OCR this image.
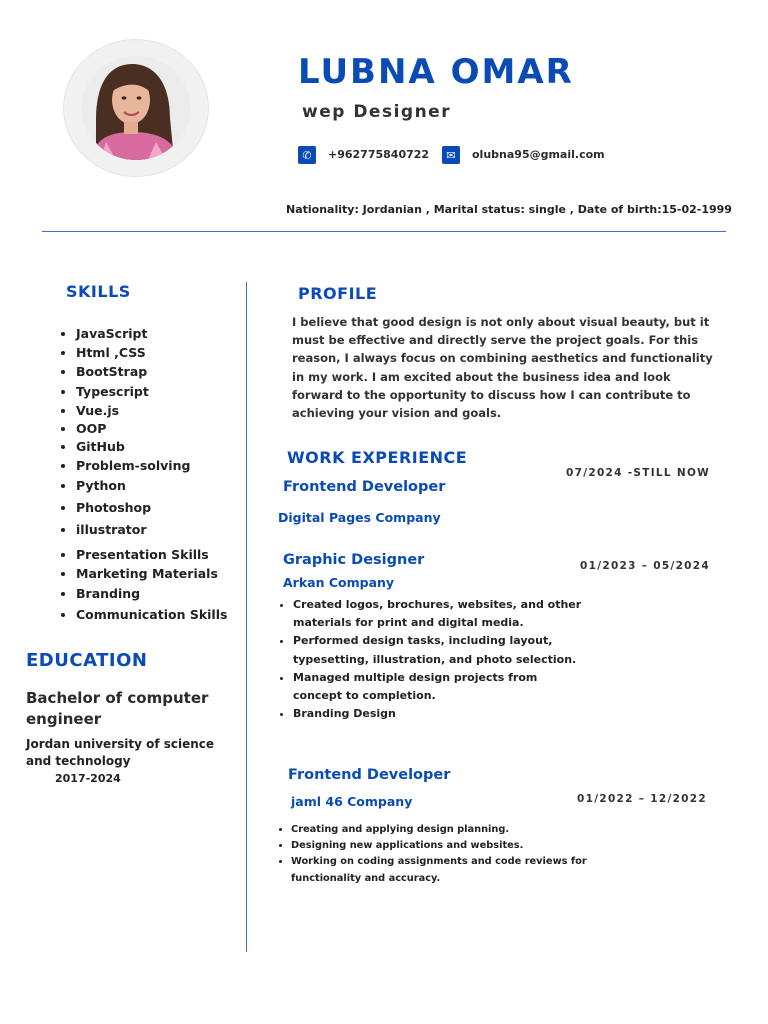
LUBNA OMAR
wep Designer
✆	+962775840722	✉	olubna95@gmail.com
Nationality: Jordanian , Marital status: single , Date of birth:15-02-1999
SKILLS
• JavaScript
• Html ,CSS
• BootStrap
• Typescript
• Vue.js
• OOP
• GitHub
• Problem-solving
• Python
• Photoshop
• illustrator
• Presentation Skills
• Marketing Materials
• Branding
• Communication Skills
EDUCATION
Bachelor of computer engineer
Jordan university of science and technology
2017-2024
PROFILE
I believe that good design is not only about visual beauty, but it must be effective and directly serve the project goals. For this reason, I always focus on combining aesthetics and functionality in my work. I am excited about the business idea and look forward to the opportunity to discuss how I can contribute to achieving your vision and goals.
WORK EXPERIENCE
Frontend Developer
07/2024 -STILL NOW
Digital Pages Company
Graphic Designer	01/2023 – 05/2024
Arkan Company
• Created logos, brochures, websites, and other materials for print and digital media.
• Performed design tasks, including layout, typesetting, illustration, and photo selection.
• Managed multiple design projects from concept to completion.
• Branding Design
Frontend Developer
01/2022 – 12/2022
jaml 46 Company
• Creating and applying design planning.
• Designing new applications and websites.
• Working on coding assignments and code reviews for functionality and accuracy.
